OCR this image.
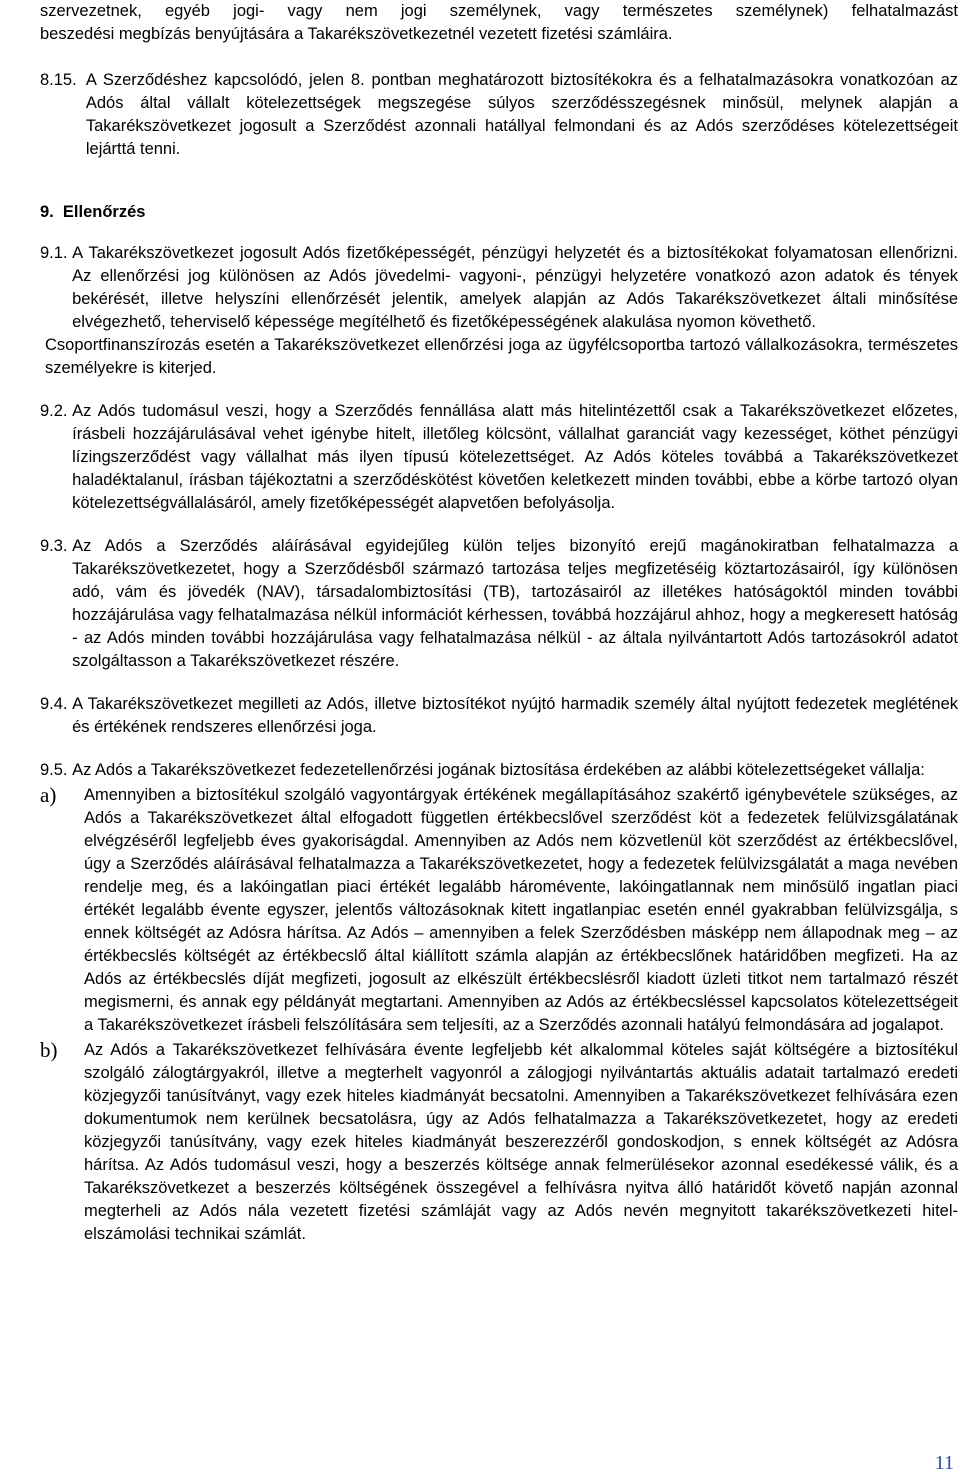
szervezetnek, egyéb jogi- vagy nem jogi személynek, vagy természetes személynek) felhatalmazást

beszedési megbízás benyújtására a Takarékszövetkezetnél vezetett fizetési számláira.

8.15. A Szerződéshez kapcsolódó, jelen 8. pontban meghatározott biztosítékokra és a felhatalmazásokra vonatkozóan az Adós által vállalt kötelezettségek megszegése súlyos szerződésszegésnek minősül, melynek alapján a Takarékszövetkezet jogosult a Szerződést azonnali hatállyal felmondani és az Adós szerződéses kötelezettségeit lejárttá tenni.

9.  Ellenőrzés

9.1. A Takarékszövetkezet jogosult Adós fizetőképességét, pénzügyi helyzetét és a biztosítékokat folyamatosan ellenőrizni. Az ellenőrzési jog különösen az Adós jövedelmi- vagyoni-, pénzügyi helyzetére vonatkozó azon adatok és tények bekérését, illetve helyszíni ellenőrzését jelentik, amelyek alapján az Adós Takarékszövetkezet általi minősítése elvégezhető, teherviselő képessége megítélhető és fizetőképességének alakulása nyomon követhető.

Csoportfinanszírozás esetén a Takarékszövetkezet ellenőrzési joga az ügyfélcsoportba tartozó vállalkozásokra, természetes személyekre is kiterjed.

9.2. Az Adós tudomásul veszi, hogy a Szerződés fennállása alatt más hitelintézettől csak a Takarékszövetkezet előzetes, írásbeli hozzájárulásával vehet igénybe hitelt, illetőleg kölcsönt, vállalhat garanciát vagy kezességet, köthet pénzügyi lízingszerződést vagy vállalhat más ilyen típusú kötelezettséget. Az Adós köteles továbbá a Takarékszövetkezet haladéktalanul, írásban tájékoztatni a szerződéskötést követően keletkezett minden további, ebbe a körbe tartozó olyan kötelezettségvállalásáról, amely fizetőképességét alapvetően befolyásolja.
9.3. Az Adós a Szerződés aláírásával egyidejűleg külön teljes bizonyító erejű magánokiratban felhatalmazza a Takarékszövetkezetet, hogy a Szerződésből származó tartozása teljes megfizetéséig köztartozásairól, így különösen adó, vám és jövedék (NAV), társadalombiztosítási (TB), tartozásairól az illetékes hatóságoktól minden további hozzájárulása vagy felhatalmazása nélkül információt kérhessen, továbbá hozzájárul ahhoz, hogy a megkeresett hatóság - az Adós minden további hozzájárulása vagy felhatalmazása nélkül - az általa nyilvántartott Adós tartozásokról adatot szolgáltasson a Takarékszövetkezet részére.
9.4. A Takarékszövetkezet megilleti az Adós, illetve biztosítékot nyújtó harmadik személy által nyújtott fedezetek meglétének és értékének rendszeres ellenőrzési joga.
9.5. Az Adós a Takarékszövetkezet fedezetellenőrzési jogának biztosítása érdekében az alábbi kötelezettségeket vállalja:
a)	Amennyiben a biztosítékul szolgáló vagyontárgyak értékének megállapításához szakértő igénybevétele szükséges, az Adós a Takarékszövetkezet által elfogadott független értékbecslővel szerződést köt a fedezetek felülvizsgálatának elvégzéséről legfeljebb éves gyakoriságdal. Amennyiben az Adós nem közvetlenül köt szerződést az értékbecslővel, úgy a Szerződés aláírásával felhatalmazza a Takarékszövetkezetet, hogy a fedezetek felülvizsgálatát a maga nevében rendelje meg, és a lakóingatlan piaci értékét legalább háromévente, lakóingatlannak nem minősülő ingatlan piaci értékét legalább évente egyszer, jelentős változásoknak kitett ingatlanpiac esetén ennél gyakrabban felülvizsgálja, s ennek költségét az Adósra hárítsa. Az Adós – amennyiben a felek Szerződésben másképp nem állapodnak meg – az értékbecslés költségét az értékbecslő által kiállított számla alapján az értékbecslőnek határidőben megfizeti. Ha az Adós az értékbecslés díját megfizeti, jogosult az elkészült értékbecslésről kiadott üzleti titkot nem tartalmazó részét megismerni, és annak egy példányát megtartani. Amennyiben az Adós az értékbecsléssel kapcsolatos kötelezettségeit a Takarékszövetkezet írásbeli felszólítására sem teljesíti, az a Szerződés azonnali hatályú felmondására ad jogalapot.
b)	Az Adós a Takarékszövetkezet felhívására évente legfeljebb két alkalommal köteles saját költségére a biztosítékul szolgáló zálogtárgyakról, illetve a megterhelt vagyonról a zálogjogi nyilvántartás aktuális adatait tartalmazó eredeti közjegyzői tanúsítványt, vagy ezek hiteles kiadmányát becsatolni. Amennyiben a Takarékszövetkezet felhívására ezen dokumentumok nem kerülnek becsatolásra, úgy az Adós felhatalmazza a Takarékszövetkezetet, hogy az eredeti közjegyzői tanúsítvány, vagy ezek hiteles kiadmányát beszerezzéről gondoskodjon, s ennek költségét az Adósra hárítsa. Az Adós tudomásul veszi, hogy a beszerzés költsége annak felmerülésekor azonnal esedékessé válik, és a Takarékszövetkezet a beszerzés költségének összegével a felhívásra nyitva álló határidőt követő napján azonnal megterheli az Adós nála vezetett fizetési számláját vagy az Adós nevén megnyitott takarékszövetkezeti hitel-elszámolási technikai számlát.
11
